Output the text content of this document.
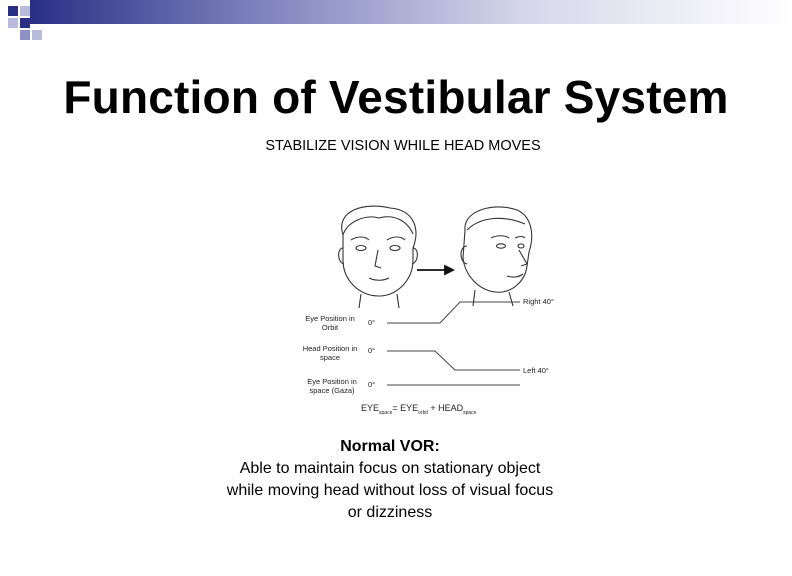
Function of Vestibular System
STABILIZE VISION WHILE HEAD MOVES
Eye Position in Orbit
Head Position in space
Eye Position in space (Gaza)
0°
0°
0°
Right 40°
Left 40°
$EYE_{space}= EYE_{orbit}$ + $HEAD_{space}$
Normal VOR:
Able to maintain focus on stationary object
while moving head without loss of visual focus
or dizziness
